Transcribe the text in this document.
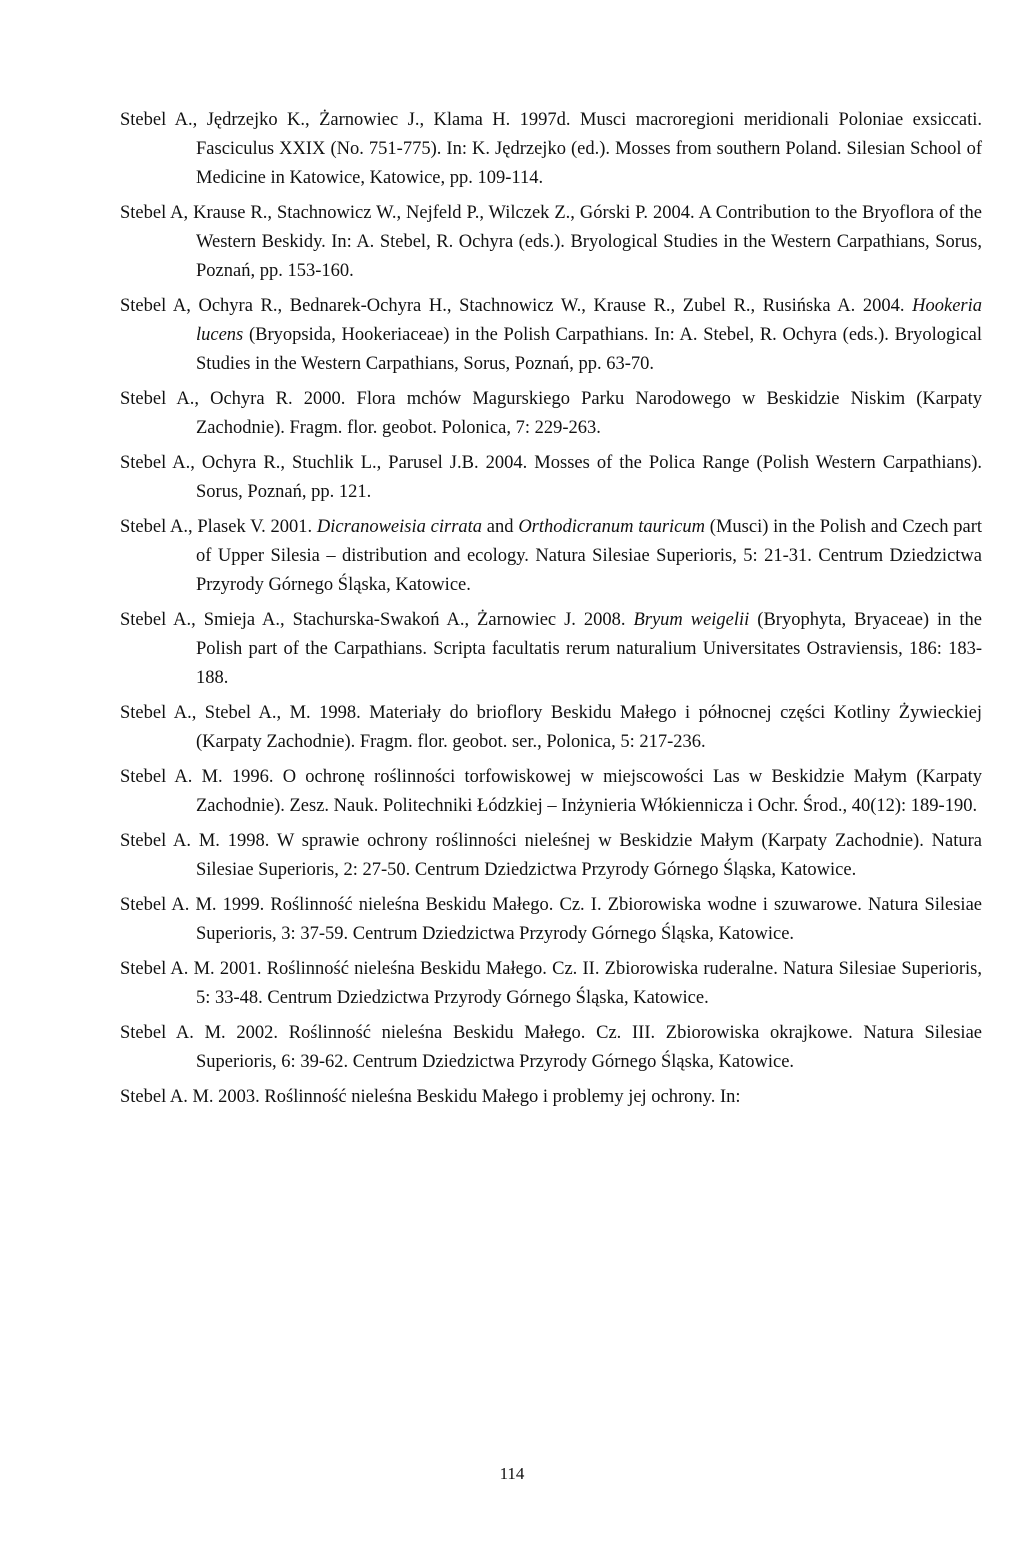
Stebel A., Jędrzejko K., Żarnowiec J., Klama H. 1997d. Musci macroregioni meridionali Poloniae exsiccati. Fasciculus XXIX (No. 751-775). In: K. Jędrzejko (ed.). Mosses from southern Poland. Silesian School of Medicine in Katowice, Katowice, pp. 109-114.

Stebel A, Krause R., Stachnowicz W., Nejfeld P., Wilczek Z., Górski P. 2004. A Contribution to the Bryoflora of the Western Beskidy. In: A. Stebel, R. Ochyra (eds.). Bryological Studies in the Western Carpathians, Sorus, Poznań, pp. 153-160.

Stebel A, Ochyra R., Bednarek-Ochyra H., Stachnowicz W., Krause R., Zubel R., Rusińska A. 2004. Hookeria lucens (Bryopsida, Hookeriaceae) in the Polish Carpathians. In: A. Stebel, R. Ochyra (eds.). Bryological Studies in the Western Carpathians, Sorus, Poznań, pp. 63-70.

Stebel A., Ochyra R. 2000. Flora mchów Magurskiego Parku Narodowego w Beskidzie Niskim (Karpaty Zachodnie). Fragm. flor. geobot. Polonica, 7: 229-263.

Stebel A., Ochyra R., Stuchlik L., Parusel J.B. 2004. Mosses of the Polica Range (Polish Western Carpathians). Sorus, Poznań, pp. 121.

Stebel A., Plasek V. 2001. Dicranoweisia cirrata and Orthodicranum tauricum (Musci) in the Polish and Czech part of Upper Silesia – distribution and ecology. Natura Silesiae Superioris, 5: 21-31. Centrum Dziedzictwa Przyrody Górnego Śląska, Katowice.

Stebel A., Smieja A., Stachurska-Swakoń A., Żarnowiec J. 2008. Bryum weigelii (Bryophyta, Bryaceae) in the Polish part of the Carpathians. Scripta facultatis rerum naturalium Universitates Ostraviensis, 186: 183-188.

Stebel A., Stebel A., M. 1998. Materiały do brioflory Beskidu Małego i północnej części Kotliny Żywieckiej (Karpaty Zachodnie). Fragm. flor. geobot. ser., Polonica, 5: 217-236.

Stebel A. M. 1996. O ochronę roślinności torfowiskowej w miejscowości Las w Beskidzie Małym (Karpaty Zachodnie). Zesz. Nauk. Politechniki Łódzkiej – Inżynieria Włókiennicza i Ochr. Środ., 40(12): 189-190.

Stebel A. M. 1998. W sprawie ochrony roślinności nieleśnej w Beskidzie Małym (Karpaty Zachodnie). Natura Silesiae Superioris, 2: 27-50. Centrum Dziedzictwa Przyrody Górnego Śląska, Katowice.

Stebel A. M. 1999. Roślinność nieleśna Beskidu Małego. Cz. I. Zbiorowiska wodne i szuwarowe. Natura Silesiae Superioris, 3: 37-59. Centrum Dziedzictwa Przyrody Górnego Śląska, Katowice.

Stebel A. M. 2001. Roślinność nieleśna Beskidu Małego. Cz. II. Zbiorowiska ruderalne. Natura Silesiae Superioris, 5: 33-48. Centrum Dziedzictwa Przyrody Górnego Śląska, Katowice.

Stebel A. M. 2002. Roślinność nieleśna Beskidu Małego. Cz. III. Zbiorowiska okrajkowe. Natura Silesiae Superioris, 6: 39-62. Centrum Dziedzictwa Przyrody Górnego Śląska, Katowice.

Stebel A. M. 2003. Roślinność nieleśna Beskidu Małego i problemy jej ochrony. In:

114
